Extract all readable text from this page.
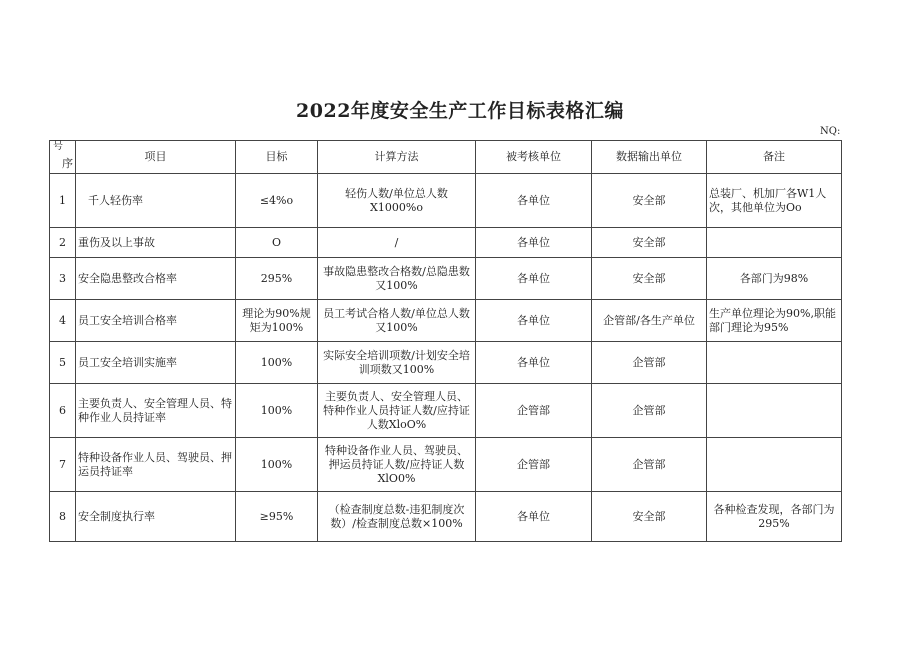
2022年度安全生产工作目标表格汇编
NQ:
号
序	项目	目标	计算方法	被考核单位	数据输出单位	备注
1	千人轻伤率	≤4%o	轻伤人数/单位总人数X1000%o	各单位	安全部	总装厂、机加厂各W1人次，其他单位为Oo
2	重伤及以上事故	O	/	各单位	安全部	
3	安全隐患整改合格率	295%	事故隐患整改合格数/总隐患数又100%	各单位	安全部	各部门为98%
4	员工安全培训合格率	理论为90%规矩为100%	员工考试合格人数/单位总人数又100%	各单位	企管部/各生产单位	生产单位理论为90%,职能部门理论为95%
5	员工安全培训实施率	100%	实际安全培训项数/计划安全培训项数又100%	各单位	企管部	
6	主要负责人、安全管理人员、特种作业人员持证率	100%	主要负责人、安全管理人员、特种作业人员持证人数/应持证人数XloO%	企管部	企管部	
7	特种设备作业人员、驾驶员、押运员持证率	100%	特种设备作业人员、驾驶员、押运员持证人数/应持证人数XlO0%	企管部	企管部	
8	安全制度执行率	≥95%	（检查制度总数-违犯制度次数）/检查制度总数×100%	各单位	安全部	各种检查发现，各部门为295%
